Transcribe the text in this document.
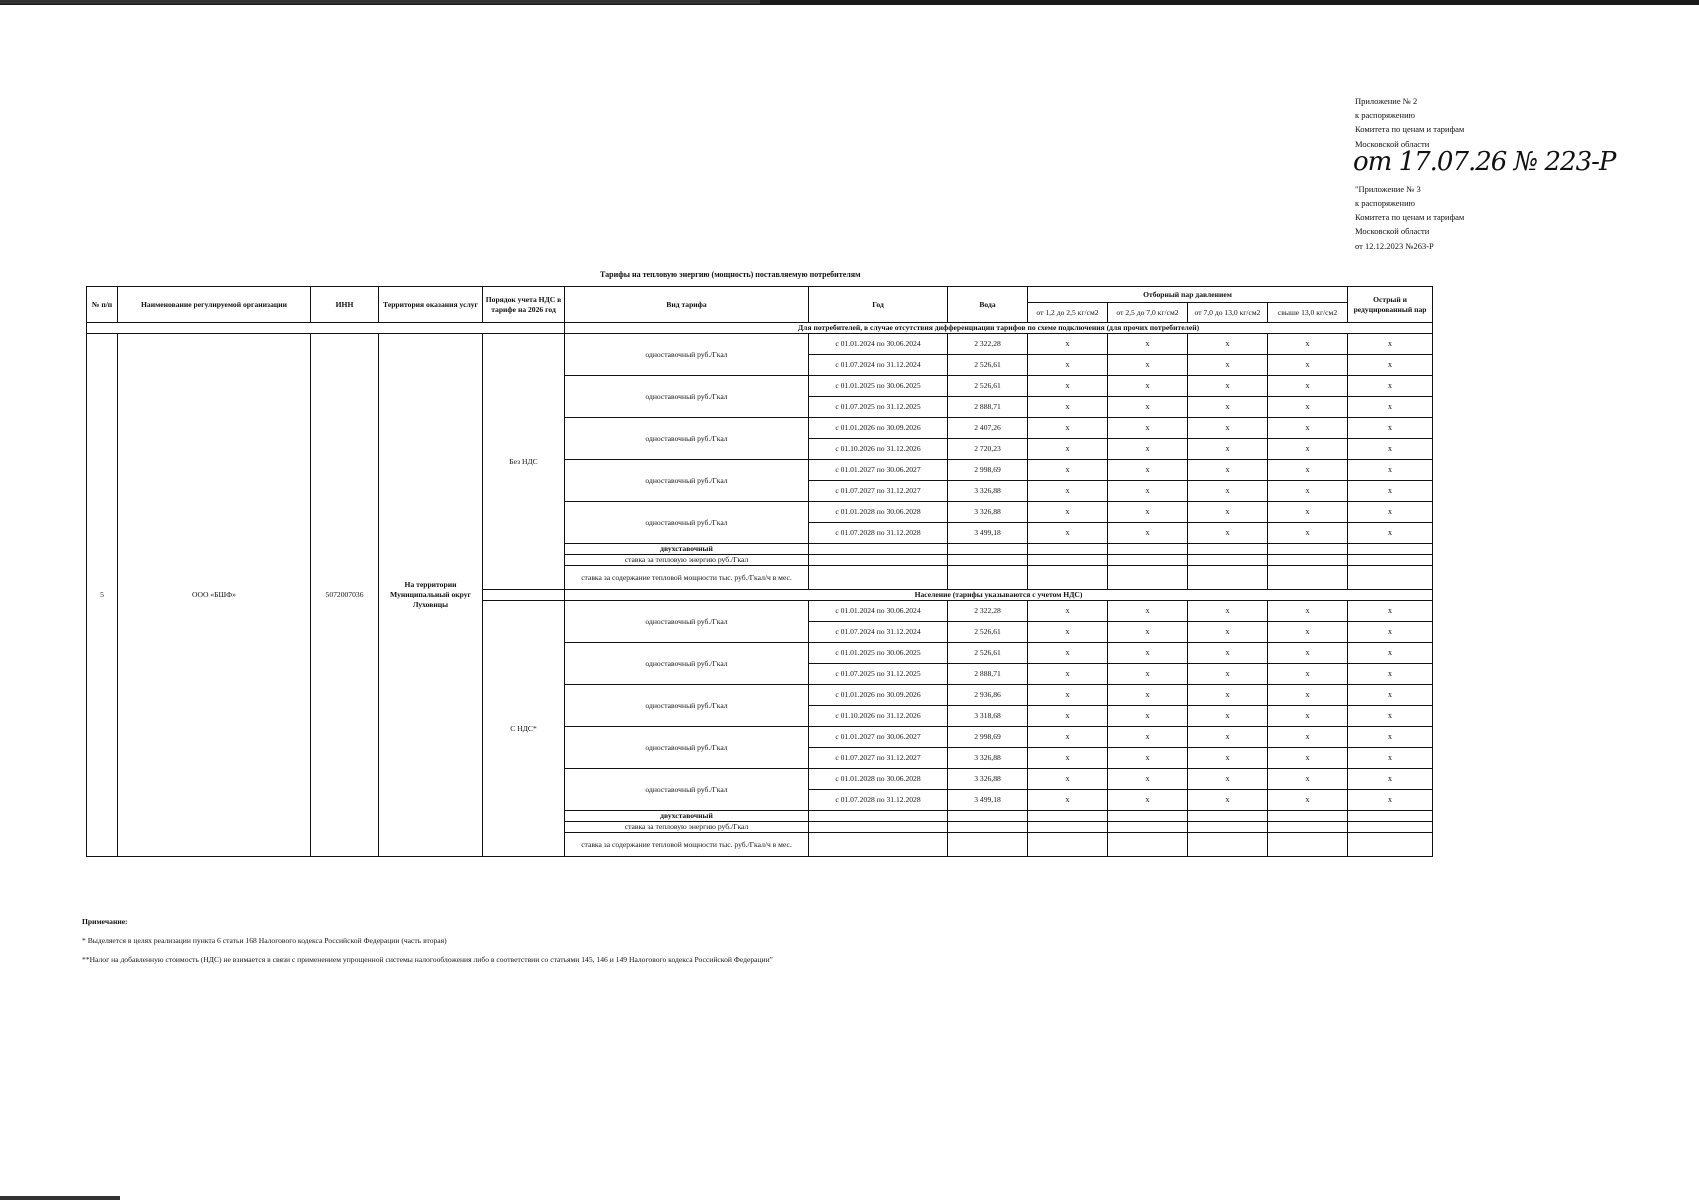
Приложение № 2
к распоряжению
Комитета по ценам и тарифам
Московской области
от 17.07.26 № 223-Р
"Приложение № 3
к распоряжению
Комитета по ценам и тарифам
Московской области
от 12.12.2023 №263-Р
Тарифы на тепловую энергию (мощность) поставляемую потребителям
№ п/п	Наименование регулируемой организации	ИНН	Территория оказания услуг	Порядок учета НДС в тарифе на 2026 год	Вид тарифа	Год	Вода	Отборный пар давлением				Острый и редуцированный пар
								от 1,2 до 2,5 кг/см2	от 2,5 до 7,0 кг/см2	от 7,0 до 13,0 кг/см2	свыше 13,0 кг/см2	
					Для потребителей, в случае отсутствия дифференциации тарифов по схеме подключения (для прочих потребителей)							
5	ООО «БШФ»	5072007036	На территории Муниципальный округ Луховицы	Без НДС	одноставочный руб./Гкал	с 01.01.2024 по 30.06.2024	2 322,28	x	x	x	x	x
						с 01.07.2024 по 31.12.2024	2 526,61	x	x	x	x	x
					одноставочный руб./Гкал	с 01.01.2025 по 30.06.2025	2 526,61	x	x	x	x	x
						с 01.07.2025 по 31.12.2025	2 888,71	x	x	x	x	x
					одноставочный руб./Гкал	с 01.01.2026 по 30.09.2026	2 407,26	x	x	x	x	x
						с 01.10.2026 по 31.12.2026	2 720,23	x	x	x	x	x
					одноставочный руб./Гкал	с 01.01.2027 по 30.06.2027	2 998,69	x	x	x	x	x
						с 01.07.2027 по 31.12.2027	3 326,88	x	x	x	x	x
					одноставочный руб./Гкал	с 01.01.2028 по 30.06.2028	3 326,88	x	x	x	x	x
						с 01.07.2028 по 31.12.2028	3 499,18	x	x	x	x	x
					двухставочный							
					ставка за тепловую энергию руб./Гкал							
					ставка за содержание тепловой мощности тыс. руб./Гкал/ч в мес.							
					Население (тарифы указываются с учетом НДС)							
				С НДС*	одноставочный руб./Гкал	с 01.01.2024 по 30.06.2024	2 322,28	x	x	x	x	x
						с 01.07.2024 по 31.12.2024	2 526,61	x	x	x	x	x
					одноставочный руб./Гкал	с 01.01.2025 по 30.06.2025	2 526,61	x	x	x	x	x
						с 01.07.2025 по 31.12.2025	2 888,71	x	x	x	x	x
					одноставочный руб./Гкал	с 01.01.2026 по 30.09.2026	2 936,86	x	x	x	x	x
						с 01.10.2026 по 31.12.2026	3 318,68	x	x	x	x	x
					одноставочный руб./Гкал	с 01.01.2027 по 30.06.2027	2 998,69	x	x	x	x	x
						с 01.07.2027 по 31.12.2027	3 326,88	x	x	x	x	x
					одноставочный руб./Гкал	с 01.01.2028 по 30.06.2028	3 326,88	x	x	x	x	x
						с 01.07.2028 по 31.12.2028	3 499,18	x	x	x	x	x
					двухставочный							
					ставка за тепловую энергию руб./Гкал							
					ставка за содержание тепловой мощности тыс. руб./Гкал/ч в мес.							
Примечание:
* Выделяется в целях реализации пункта 6 статьи 168 Налогового кодекса Российской Федерации (часть вторая)
**Налог на добавленную стоимость (НДС) не взимается в связи с применением упрощенной системы налогообложения либо в соответствии со статьями 145, 146 и 149 Налогового кодекса Российской Федерации"
